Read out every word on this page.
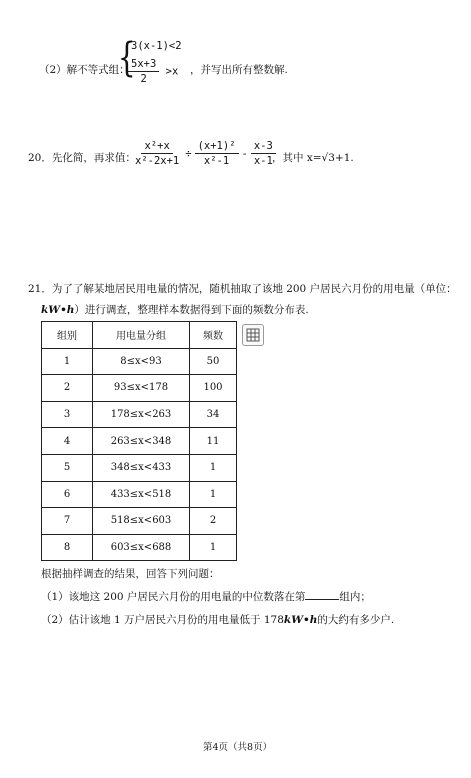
（2）解不等式组：
{
3(x-1)<2
$\frac{5x+3}{2} >x$ ，并写出所有整数解.
20．先化简，再求值：
$\frac{\text{x²+x}}{\text{x²-2x+1}} \div \frac{\text{(x+1)²}}{\text{x²-1}} - \frac{x-3}{x-1}$
，其中 x=√3+1.
21．为了了解某地居民用电量的情况，随机抽取了该地 200 户居民六月份的用电量（单位：
kW•h）进行调查，整理样本数据得到下面的频数分布表.
组别	用电量分组	频数
1	8≤x<93	50
2	93≤x<178	100
3	178≤x<263	34
4	263≤x<348	11
5	348≤x<433	1
6	433≤x<518	1
7	518≤x<603	2
8	603≤x<688	1
根据抽样调查的结果，回答下列问题：
（1）该地这 200 户居民六月份的用电量的中位数落在第	组内；
（2）估计该地 1 万户居民六月份的用电量低于 178kW•h的大约有多少户.
第4页（共8页）
